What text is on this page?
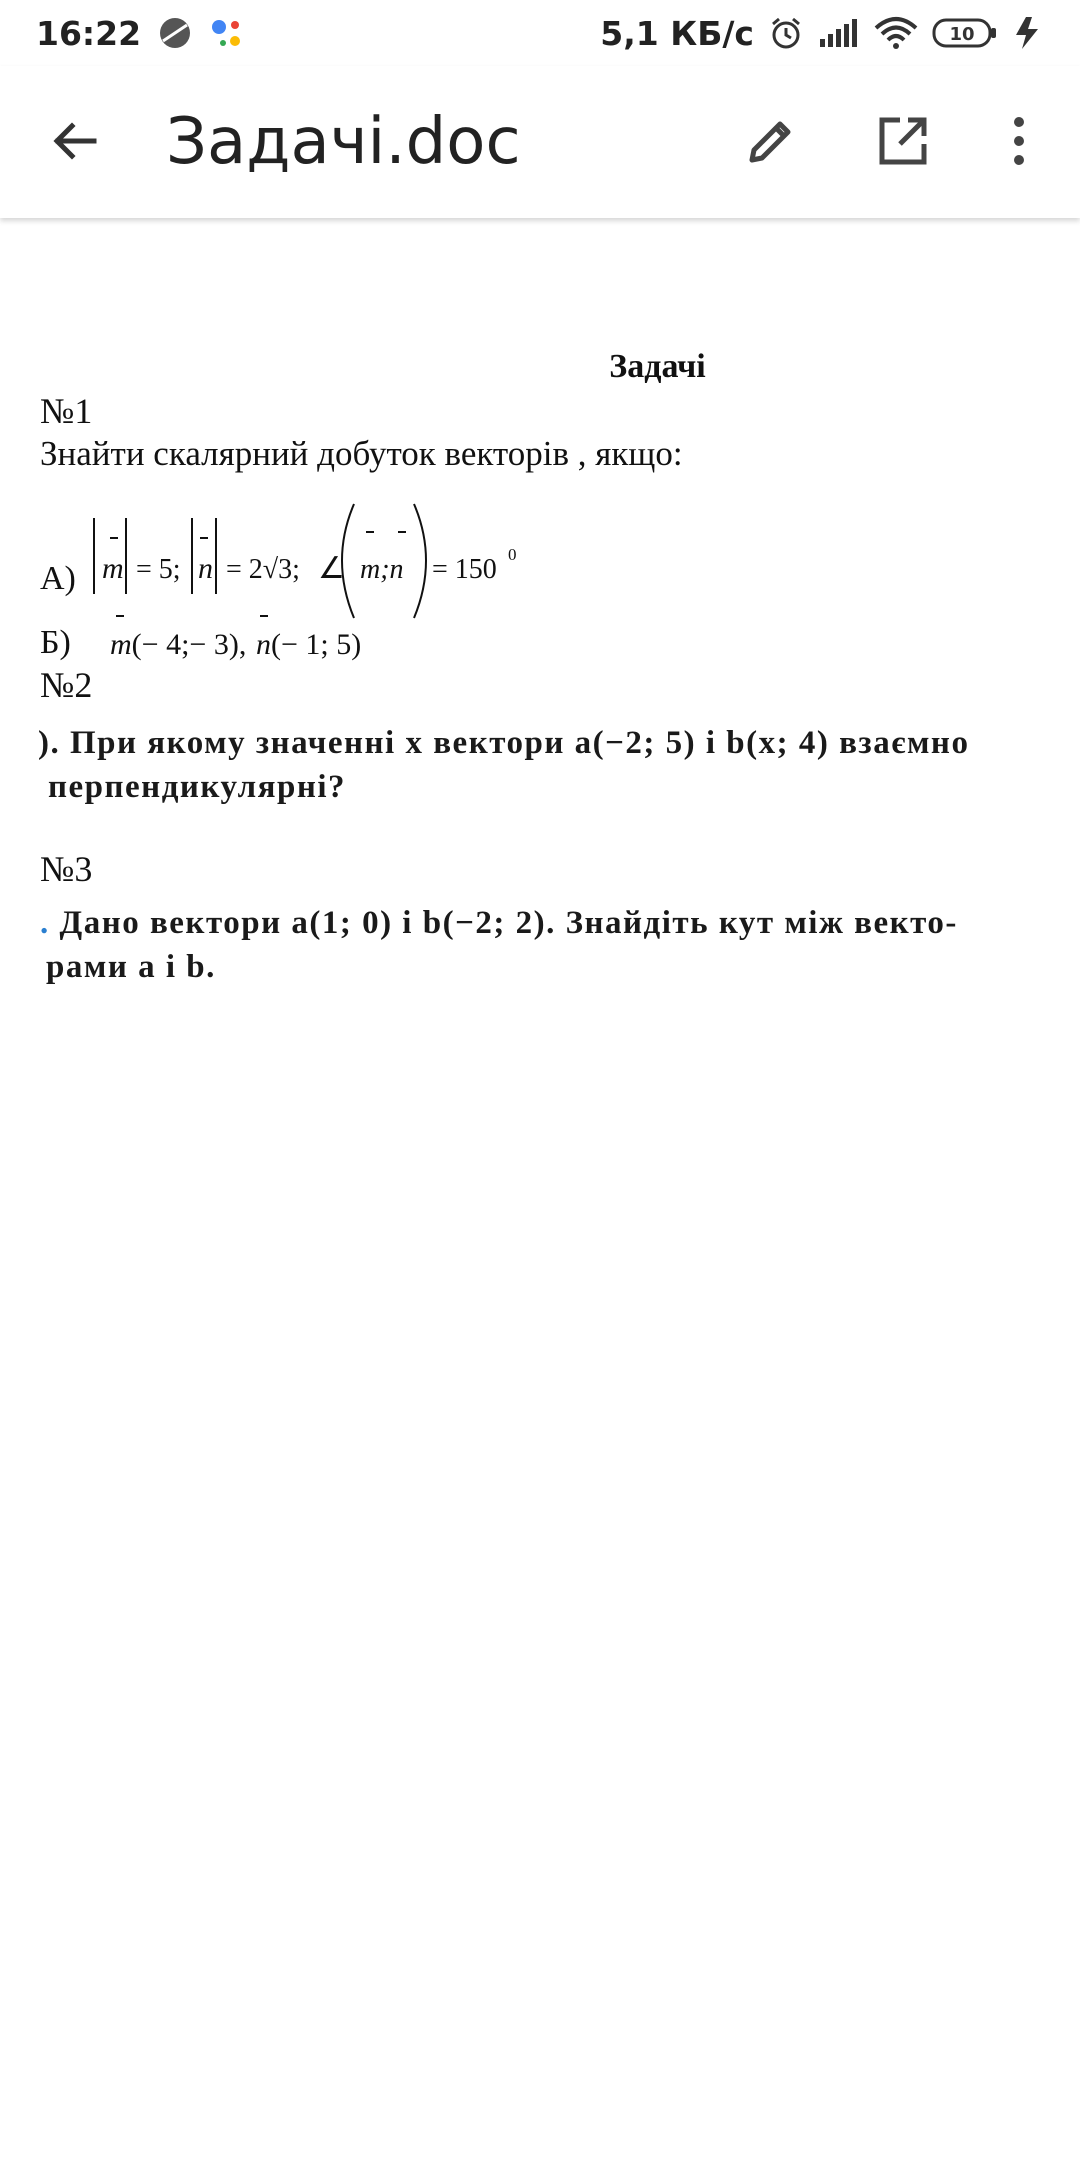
16:22	5,1 КБ/с	10
Задачі.doc
Задачі
№1
Знайти скалярний добуток векторів , якщо:
m = 5; n = 2√3; ∠ m;n = 150 0
А)
Б) m(− 4;− 3), n(− 1; 5)
№2
). При якому значенні x вектори a(−2; 5) і b(x; 4) взаємно
перпендикулярні?
№3
. Дано вектори a(1; 0) і b(−2; 2). Знайдіть кут між векто-
рами a і b.
